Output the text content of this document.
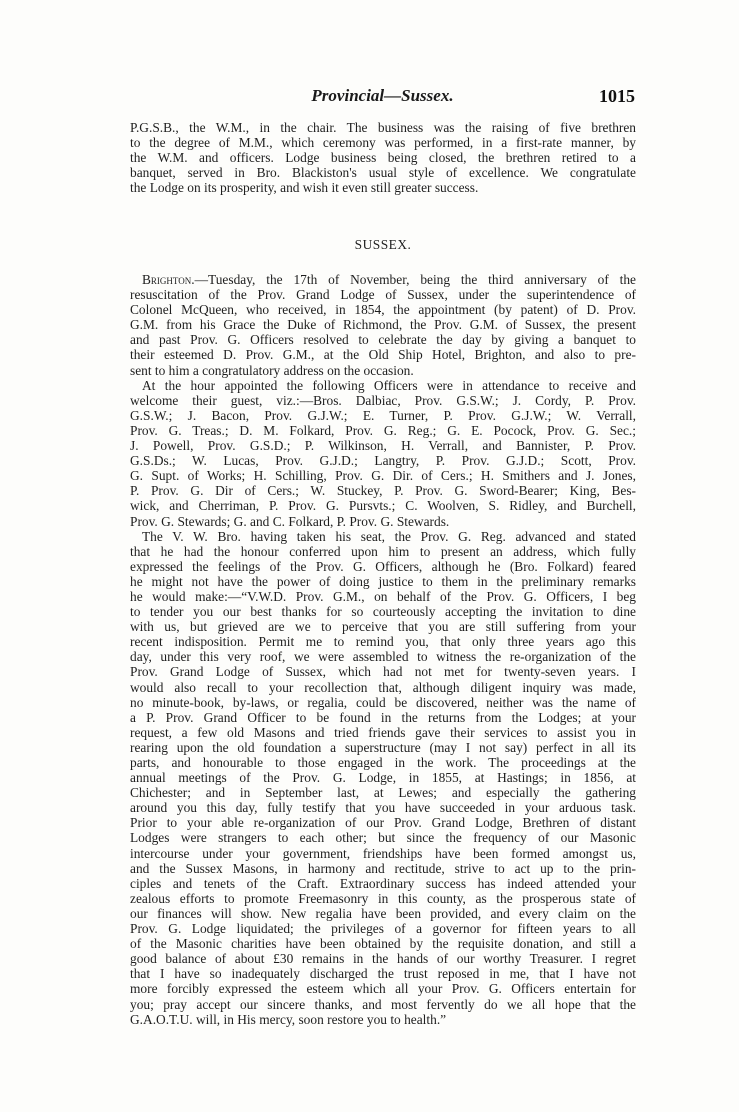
Provincial—Sussex.	1015
P.G.S.B., the W.M., in the chair. The business was the raising of five brethren
to the degree of M.M., which ceremony was performed, in a first-rate manner, by
the W.M. and officers. Lodge business being closed, the brethren retired to a
banquet, served in Bro. Blackiston's usual style of excellence. We congratulate
the Lodge on its prosperity, and wish it even still greater success.
SUSSEX.
Brighton.—Tuesday, the 17th of November, being the third anniversary of the
resuscitation of the Prov. Grand Lodge of Sussex, under the superintendence of
Colonel McQueen, who received, in 1854, the appointment (by patent) of D. Prov.
G.M. from his Grace the Duke of Richmond, the Prov. G.M. of Sussex, the present
and past Prov. G. Officers resolved to celebrate the day by giving a banquet to
their esteemed D. Prov. G.M., at the Old Ship Hotel, Brighton, and also to pre-
sent to him a congratulatory address on the occasion.
At the hour appointed the following Officers were in attendance to receive and
welcome their guest, viz.:—Bros. Dalbiac, Prov. G.S.W.; J. Cordy, P. Prov.
G.S.W.; J. Bacon, Prov. G.J.W.; E. Turner, P. Prov. G.J.W.; W. Verrall,
Prov. G. Treas.; D. M. Folkard, Prov. G. Reg.; G. E. Pocock, Prov. G. Sec.;
J. Powell, Prov. G.S.D.; P. Wilkinson, H. Verrall, and Bannister, P. Prov.
G.S.Ds.; W. Lucas, Prov. G.J.D.; Langtry, P. Prov. G.J.D.; Scott, Prov.
G. Supt. of Works; H. Schilling, Prov. G. Dir. of Cers.; H. Smithers and J. Jones,
P. Prov. G. Dir of Cers.; W. Stuckey, P. Prov. G. Sword-Bearer; King, Bes-
wick, and Cherriman, P. Prov. G. Pursvts.; C. Woolven, S. Ridley, and Burchell,
Prov. G. Stewards; G. and C. Folkard, P. Prov. G. Stewards.
The V. W. Bro. having taken his seat, the Prov. G. Reg. advanced and stated
that he had the honour conferred upon him to present an address, which fully
expressed the feelings of the Prov. G. Officers, although he (Bro. Folkard) feared
he might not have the power of doing justice to them in the preliminary remarks
he would make:—“V.W.D. Prov. G.M., on behalf of the Prov. G. Officers, I beg
to tender you our best thanks for so courteously accepting the invitation to dine
with us, but grieved are we to perceive that you are still suffering from your
recent indisposition. Permit me to remind you, that only three years ago this
day, under this very roof, we were assembled to witness the re-organization of the
Prov. Grand Lodge of Sussex, which had not met for twenty-seven years. I
would also recall to your recollection that, although diligent inquiry was made,
no minute-book, by-laws, or regalia, could be discovered, neither was the name of
a P. Prov. Grand Officer to be found in the returns from the Lodges; at your
request, a few old Masons and tried friends gave their services to assist you in
rearing upon the old foundation a superstructure (may I not say) perfect in all its
parts, and honourable to those engaged in the work. The proceedings at the
annual meetings of the Prov. G. Lodge, in 1855, at Hastings; in 1856, at
Chichester; and in September last, at Lewes; and especially the gathering
around you this day, fully testify that you have succeeded in your arduous task.
Prior to your able re-organization of our Prov. Grand Lodge, Brethren of distant
Lodges were strangers to each other; but since the frequency of our Masonic
intercourse under your government, friendships have been formed amongst us,
and the Sussex Masons, in harmony and rectitude, strive to act up to the prin-
ciples and tenets of the Craft. Extraordinary success has indeed attended your
zealous efforts to promote Freemasonry in this county, as the prosperous state of
our finances will show. New regalia have been provided, and every claim on the
Prov. G. Lodge liquidated; the privileges of a governor for fifteen years to all
of the Masonic charities have been obtained by the requisite donation, and still a
good balance of about £30 remains in the hands of our worthy Treasurer. I regret
that I have so inadequately discharged the trust reposed in me, that I have not
more forcibly expressed the esteem which all your Prov. G. Officers entertain for
you; pray accept our sincere thanks, and most fervently do we all hope that the
G.A.O.T.U. will, in His mercy, soon restore you to health.”
